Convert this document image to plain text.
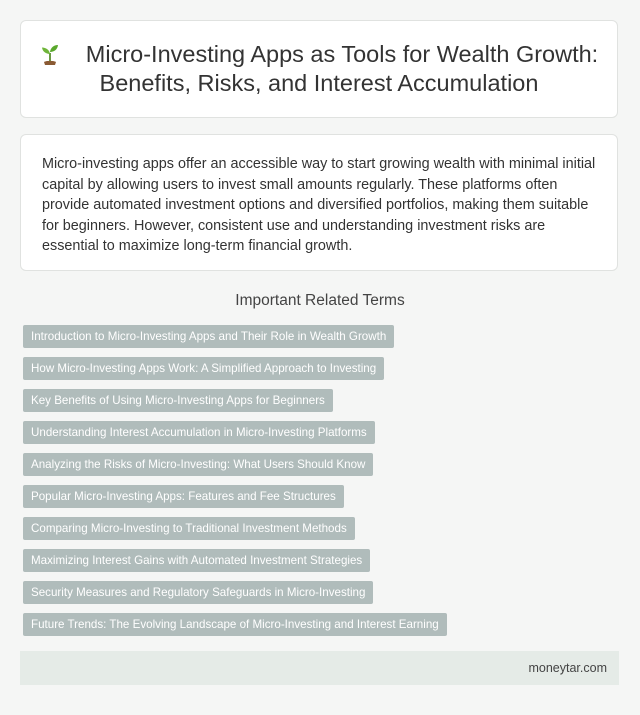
Micro-Investing Apps as Tools for Wealth Growth: Benefits, Risks, and Interest Accumulation

Micro-investing apps offer an accessible way to start growing wealth with minimal initial capital by allowing users to invest small amounts regularly. These platforms often provide automated investment options and diversified portfolios, making them suitable for beginners. However, consistent use and understanding investment risks are essential to maximize long-term financial growth.

Important Related Terms
Introduction to Micro-Investing Apps and Their Role in Wealth Growth
How Micro-Investing Apps Work: A Simplified Approach to Investing
Key Benefits of Using Micro-Investing Apps for Beginners
Understanding Interest Accumulation in Micro-Investing Platforms
Analyzing the Risks of Micro-Investing: What Users Should Know
Popular Micro-Investing Apps: Features and Fee Structures
Comparing Micro-Investing to Traditional Investment Methods
Maximizing Interest Gains with Automated Investment Strategies
Security Measures and Regulatory Safeguards in Micro-Investing
Future Trends: The Evolving Landscape of Micro-Investing and Interest Earning
moneytar.com
